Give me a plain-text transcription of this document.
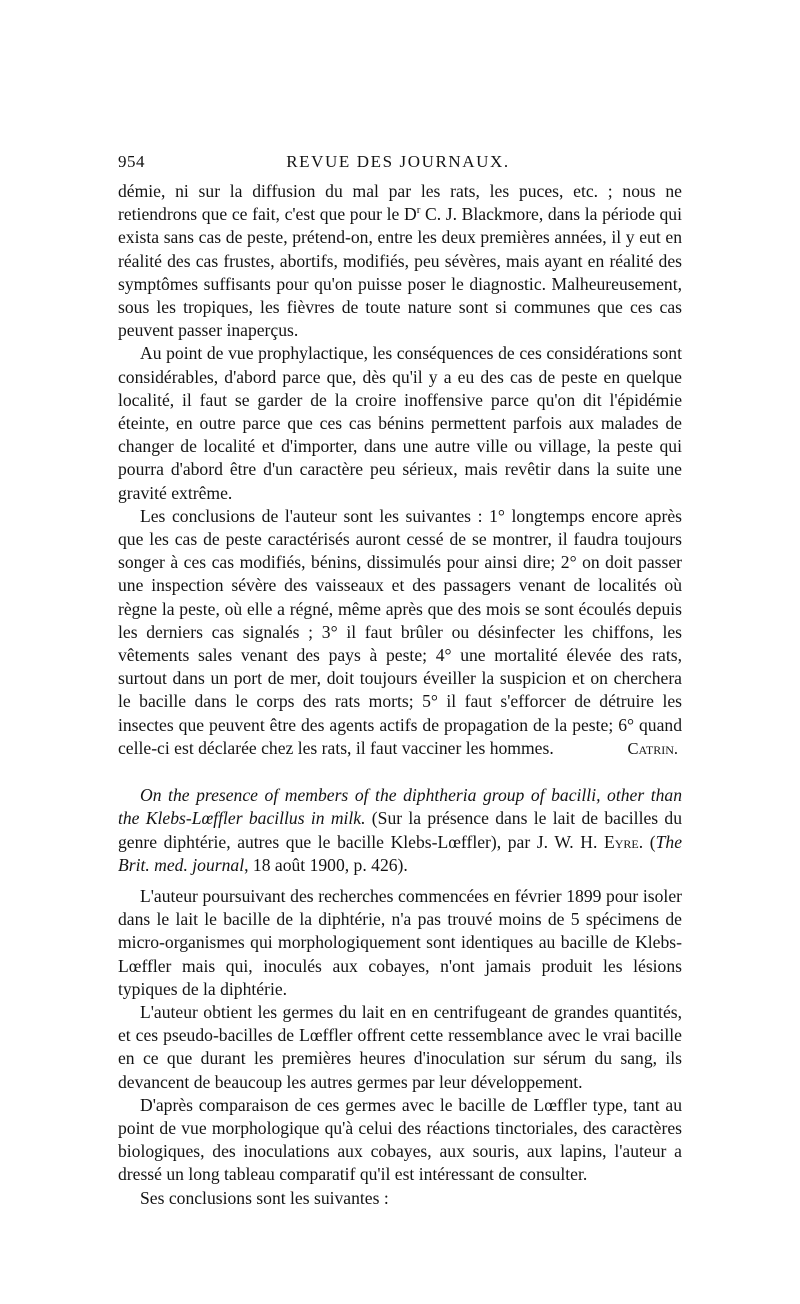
954	REVUE DES JOURNAUX.

démie, ni sur la diffusion du mal par les rats, les puces, etc. ; nous ne retiendrons que ce fait, c'est que pour le $D^r$ C. J. Blackmore, dans la période qui exista sans cas de peste, prétend-on, entre les deux premières années, il y eut en réalité des cas frustes, abortifs, modifiés, peu sévères, mais ayant en réalité des symptômes suffisants pour qu'on puisse poser le diagnostic. Malheureusement, sous les tropiques, les fièvres de toute nature sont si communes que ces cas peuvent passer inaperçus.

Au point de vue prophylactique, les conséquences de ces considérations sont considérables, d'abord parce que, dès qu'il y a eu des cas de peste en quelque localité, il faut se garder de la croire inoffensive parce qu'on dit l'épidémie éteinte, en outre parce que ces cas bénins permettent parfois aux malades de changer de localité et d'importer, dans une autre ville ou village, la peste qui pourra d'abord être d'un caractère peu sérieux, mais revêtir dans la suite une gravité extrême.

Les conclusions de l'auteur sont les suivantes : 1° longtemps encore après que les cas de peste caractérisés auront cessé de se montrer, il faudra toujours songer à ces cas modifiés, bénins, dissimulés pour ainsi dire; 2° on doit passer une inspection sévère des vaisseaux et des passagers venant de localités où règne la peste, où elle a régné, même après que des mois se sont écoulés depuis les derniers cas signalés ; 3° il faut brûler ou désinfecter les chiffons, les vêtements sales venant des pays à peste; 4° une mortalité élevée des rats, surtout dans un port de mer, doit toujours éveiller la suspicion et on cherchera le bacille dans le corps des rats morts; 5° il faut s'efforcer de détruire les insectes que peuvent être des agents actifs de propagation de la peste; 6° quand celle-ci est déclarée chez les rats, il faut vacciner les hommes.	Catrin.

On the presence of members of the diphtheria group of bacilli, other than the Klebs-Lœffler bacillus in milk. (Sur la présence dans le lait de bacilles du genre diphtérie, autres que le bacille Klebs-Lœffler), par J. W. H. Eyre. (The Brit. med. journal, 18 août 1900, p. 426).

L'auteur poursuivant des recherches commencées en février 1899 pour isoler dans le lait le bacille de la diphtérie, n'a pas trouvé moins de 5 spécimens de micro-organismes qui morphologiquement sont identiques au bacille de Klebs-Lœffler mais qui, inoculés aux cobayes, n'ont jamais produit les lésions typiques de la diphtérie.

L'auteur obtient les germes du lait en en centrifugeant de grandes quantités, et ces pseudo-bacilles de Lœffler offrent cette ressemblance avec le vrai bacille en ce que durant les premières heures d'inoculation sur sérum du sang, ils devancent de beaucoup les autres germes par leur développement.

D'après comparaison de ces germes avec le bacille de Lœffler type, tant au point de vue morphologique qu'à celui des réactions tinctoriales, des caractères biologiques, des inoculations aux cobayes, aux souris, aux lapins, l'auteur a dressé un long tableau comparatif qu'il est intéressant de consulter.

Ses conclusions sont les suivantes :
